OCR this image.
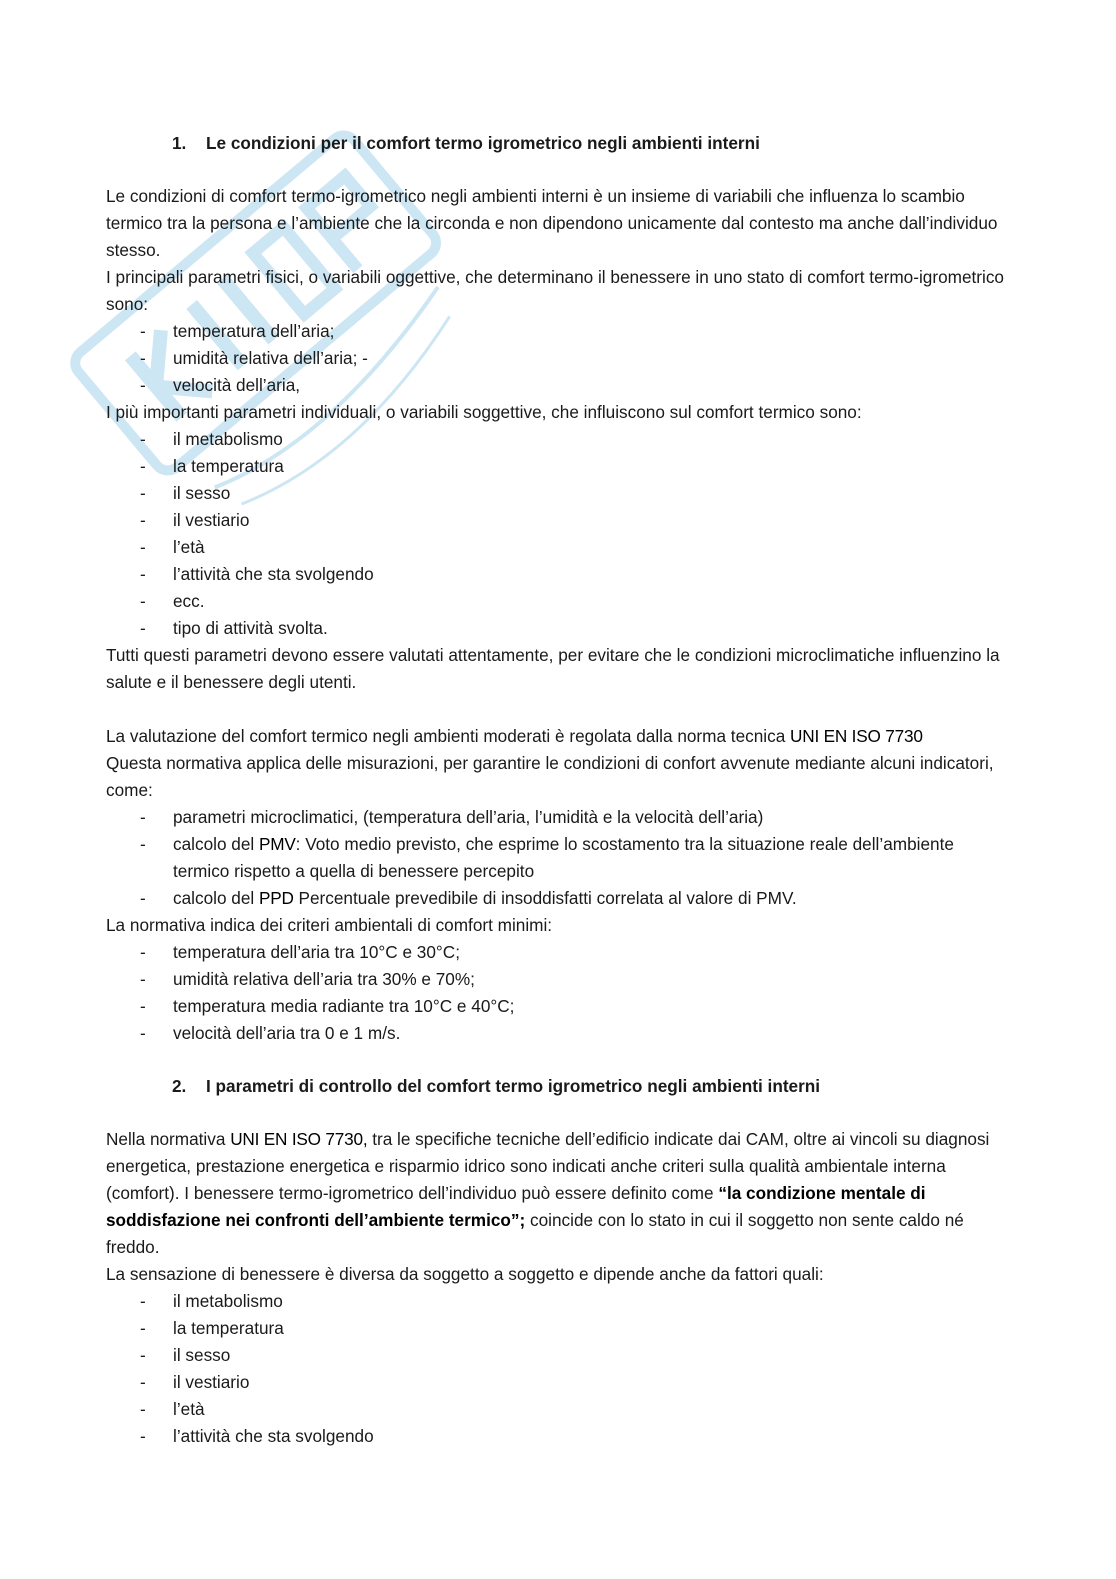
1. Le condizioni per il comfort termo igrometrico negli ambienti interni

Le condizioni di comfort termo-igrometrico negli ambienti interni è un insieme di variabili che influenza lo scambio termico tra la persona e l’ambiente che la circonda e non dipendono unicamente dal contesto ma anche dall’individuo stesso.

I principali parametri fisici, o variabili oggettive, che determinano il benessere in uno stato di comfort termo-igrometrico sono:

- temperatura dell’aria;
- umidità relativa dell’aria; -
- velocità dell’aria,

I più importanti parametri individuali, o variabili soggettive, che influiscono sul comfort termico sono:

- il metabolismo
- la temperatura
- il sesso
- il vestiario
- l’età
- l’attività che sta svolgendo
- ecc.
- tipo di attività svolta.

Tutti questi parametri devono essere valutati attentamente, per evitare che le condizioni microclimatiche influenzino la salute e il benessere degli utenti.

La valutazione del comfort termico negli ambienti moderati è regolata dalla norma tecnica UNI EN ISO 7730

Questa normativa applica delle misurazioni, per garantire le condizioni di confort avvenute mediante alcuni indicatori, come:

- parametri microclimatici, (temperatura dell’aria, l’umidità e la velocità dell’aria)
- calcolo del PMV: Voto medio previsto, che esprime lo scostamento tra la situazione reale dell’ambiente termico rispetto a quella di benessere percepito
- calcolo del PPD Percentuale prevedibile di insoddisfatti correlata al valore di PMV.

La normativa indica dei criteri ambientali di comfort minimi:

- temperatura dell’aria tra 10°C e 30°C;
- umidità relativa dell’aria tra 30% e 70%;
- temperatura media radiante tra 10°C e 40°C;
- velocità dell’aria tra 0 e 1 m/s.
2. I parametri di controllo del comfort termo igrometrico negli ambienti interni

Nella normativa UNI EN ISO 7730, tra le specifiche tecniche dell’edificio indicate dai CAM, oltre ai vincoli su diagnosi energetica, prestazione energetica e risparmio idrico sono indicati anche criteri sulla qualità ambientale interna (comfort). I benessere termo-igrometrico dell’individuo può essere definito come “la condizione mentale di soddisfazione nei confronti dell’ambiente termico”; coincide con lo stato in cui il soggetto non sente caldo né freddo.

La sensazione di benessere è diversa da soggetto a soggetto e dipende anche da fattori quali:

- il metabolismo
- la temperatura
- il sesso
- il vestiario
- l’età
- l’attività che sta svolgendo
